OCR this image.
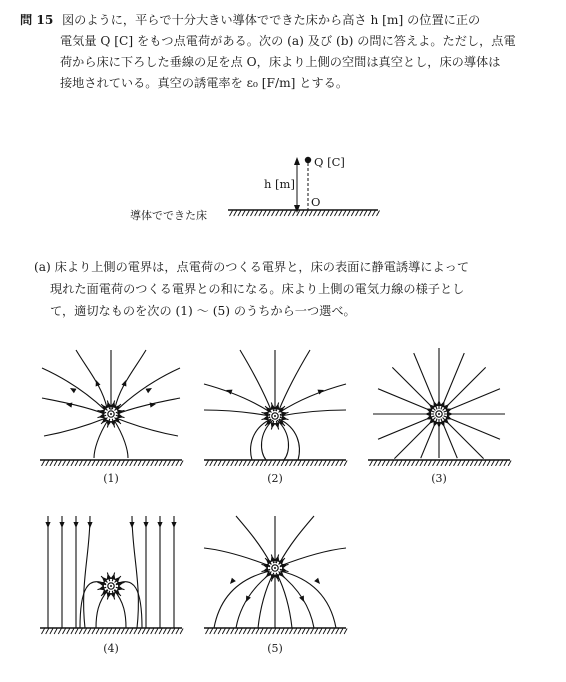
問 15 図のように，平らで十分大きい導体でできた床から高さ h [m] の位置に正の
電気量 Q [C] をもつ点電荷がある。次の (a) 及び (b) の問に答えよ。ただし，点電
荷から床に下ろした垂線の足を点 O，床より上側の空間は真空とし，床の導体は
接地されている。真空の誘電率を ε₀ [F/m] とする。
Q [C]
h [m]
O
導体でできた床
(a) 床より上側の電界は，点電荷のつくる電界と，床の表面に静電誘導によって
現れた面電荷のつくる電界との和になる。床より上側の電気力線の様子とし
て，適切なものを次の (1) ～ (5) のうちから一つ選べ。
(1)	(2)	(3)
(4)	(5)
